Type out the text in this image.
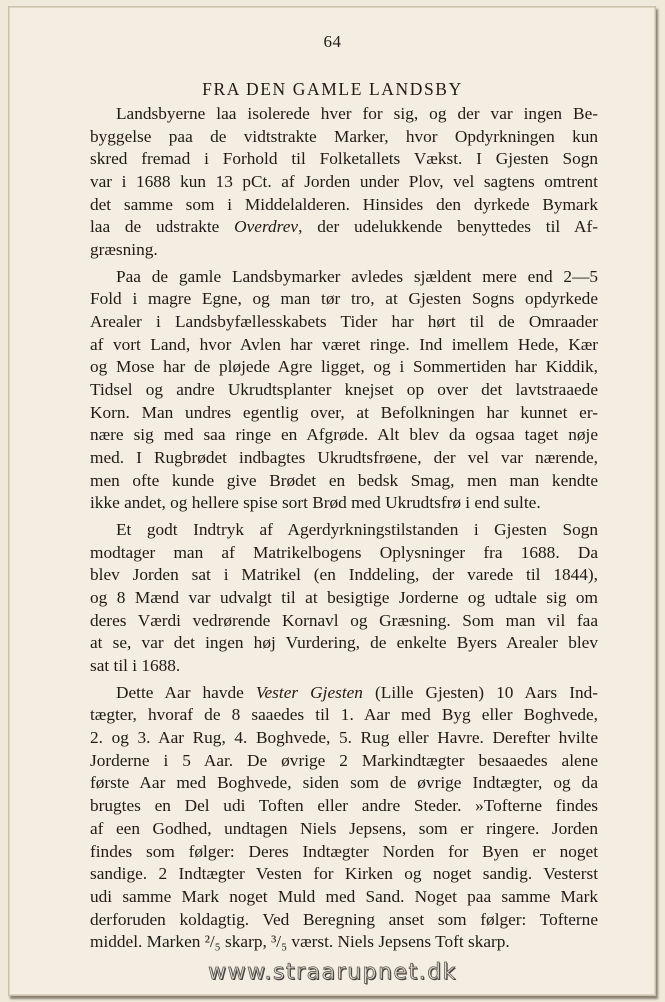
64
FRA DEN GAMLE LANDSBY
Landsbyerne laa isolerede hver for sig, og der var ingen Be-
byggelse paa de vidtstrakte Marker, hvor Opdyrkningen kun
skred fremad i Forhold til Folketallets Vækst. I Gjesten Sogn
var i 1688 kun 13 pCt. af Jorden under Plov, vel sagtens omtrent
det samme som i Middelalderen. Hinsides den dyrkede Bymark
laa de udstrakte Overdrev, der udelukkende benyttedes til Af-
græsning.
Paa de gamle Landsbymarker avledes sjældent mere end 2—5
Fold i magre Egne, og man tør tro, at Gjesten Sogns opdyrkede
Arealer i Landsbyfællesskabets Tider har hørt til de Omraader
af vort Land, hvor Avlen har været ringe. Ind imellem Hede, Kær
og Mose har de pløjede Agre ligget, og i Sommertiden har Kiddik,
Tidsel og andre Ukrudtsplanter knejset op over det lavtstraaede
Korn. Man undres egentlig over, at Befolkningen har kunnet er-
nære sig med saa ringe en Afgrøde. Alt blev da ogsaa taget nøje
med. I Rugbrødet indbagtes Ukrudtsfrøene, der vel var nærende,
men ofte kunde give Brødet en bedsk Smag, men man kendte
ikke andet, og hellere spise sort Brød med Ukrudtsfrø i end sulte.
Et godt Indtryk af Agerdyrkningstilstanden i Gjesten Sogn
modtager man af Matrikelbogens Oplysninger fra 1688. Da
blev Jorden sat i Matrikel (en Inddeling, der varede til 1844),
og 8 Mænd var udvalgt til at besigtige Jorderne og udtale sig om
deres Værdi vedrørende Kornavl og Græsning. Som man vil faa
at se, var det ingen høj Vurdering, de enkelte Byers Arealer blev
sat til i 1688.
Dette Aar havde Vester Gjesten (Lille Gjesten) 10 Aars Ind-
tægter, hvoraf de 8 saaedes til 1. Aar med Byg eller Boghvede,
2. og 3. Aar Rug, 4. Boghvede, 5. Rug eller Havre. Derefter hvilte
Jorderne i 5 Aar. De øvrige 2 Markindtægter besaaedes alene
første Aar med Boghvede, siden som de øvrige Indtægter, og da
brugtes en Del udi Toften eller andre Steder. »Tofterne findes
af een Godhed, undtagen Niels Jepsens, som er ringere. Jorden
findes som følger: Deres Indtægter Norden for Byen er noget
sandige. 2 Indtægter Vesten for Kirken og noget sandig. Vesterst
udi samme Mark noget Muld med Sand. Noget paa samme Mark
derforuden koldagtig. Ved Beregning anset som følger: Tofterne
middel. Marken ²/₅ skarp, ³/₅ værst. Niels Jepsens Toft skarp.
www.straarupnet.dk
